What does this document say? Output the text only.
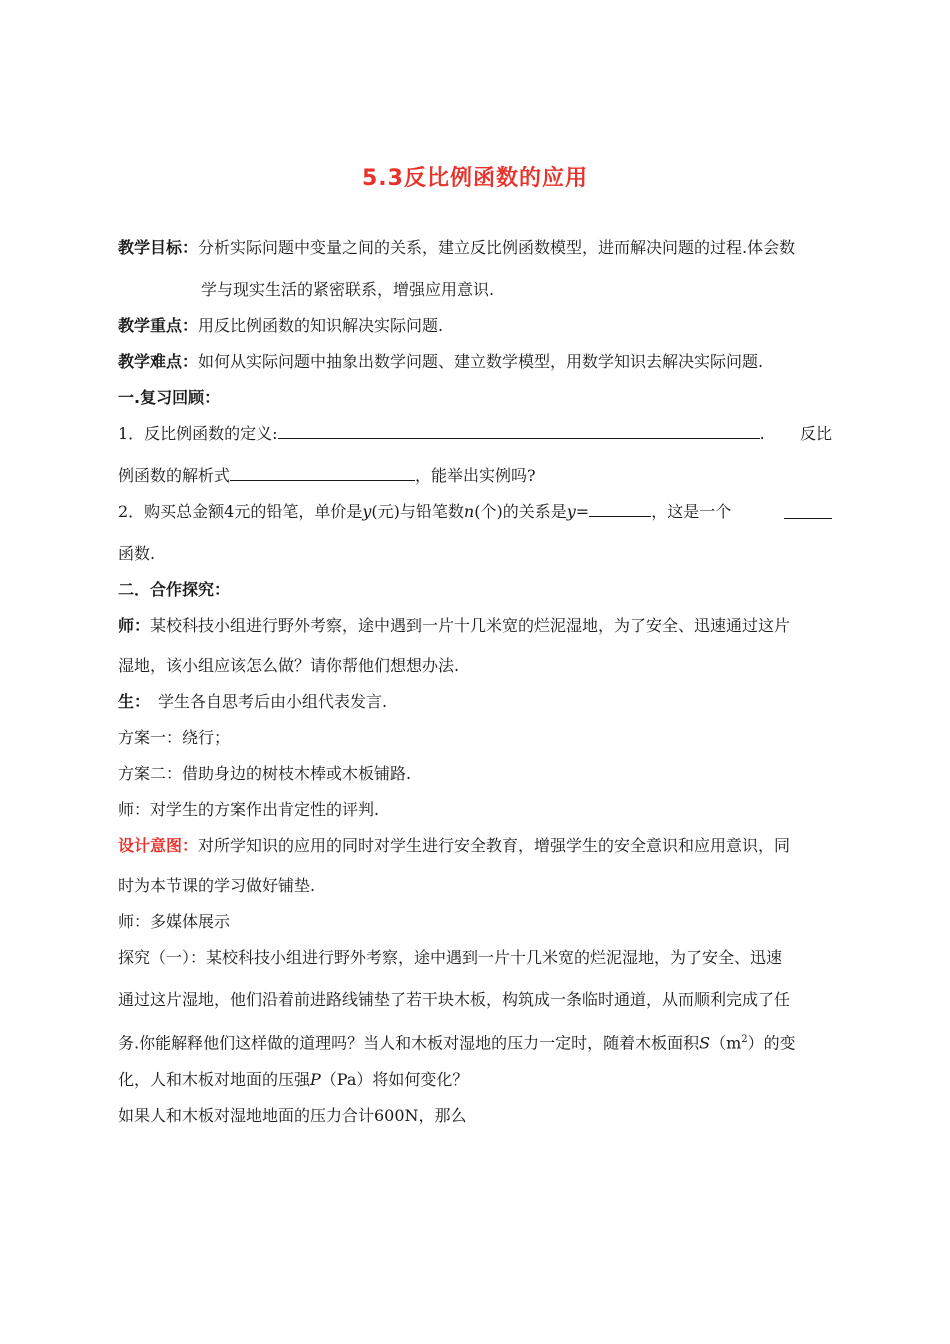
5.3反比例函数的应用
教学目标：分析实际问题中变量之间的关系，建立反比例函数模型，进而解决问题的过程.体会数
学与现实生活的紧密联系，增强应用意识.
教学重点：用反比例函数的知识解决实际问题.
教学难点：如何从实际问题中抽象出数学问题、建立数学模型，用数学知识去解决实际问题.
一.复习回顾：
1．反比例函数的定义:	. 反比
例函数的解析式	，能举出实例吗?
2．购买总金额4元的铅笔，单价是y(元)与铅笔数n(个)的关系是y=	，这是一个
函数.
二．合作探究：
师：某校科技小组进行野外考察，途中遇到一片十几米宽的烂泥湿地，为了安全、迅速通过这片
湿地，该小组应该怎么做？请你帮他们想想办法.
生： 学生各自思考后由小组代表发言.
方案一：绕行；
方案二：借助身边的树枝木棒或木板铺路.
师：对学生的方案作出肯定性的评判.
设计意图：对所学知识的应用的同时对学生进行安全教育，增强学生的安全意识和应用意识，同
时为本节课的学习做好铺垫.
师：多媒体展示
探究（一）：某校科技小组进行野外考察，途中遇到一片十几米宽的烂泥湿地，为了安全、迅速
通过这片湿地，他们沿着前进路线铺垫了若干块木板，构筑成一条临时通道，从而顺利完成了任
务.你能解释他们这样做的道理吗？当人和木板对湿地的压力一定时，随着木板面积$S(m^2)$的变
化，人和木板对地面的压强P（Pa）将如何变化？
如果人和木板对湿地地面的压力合计600N，那么
